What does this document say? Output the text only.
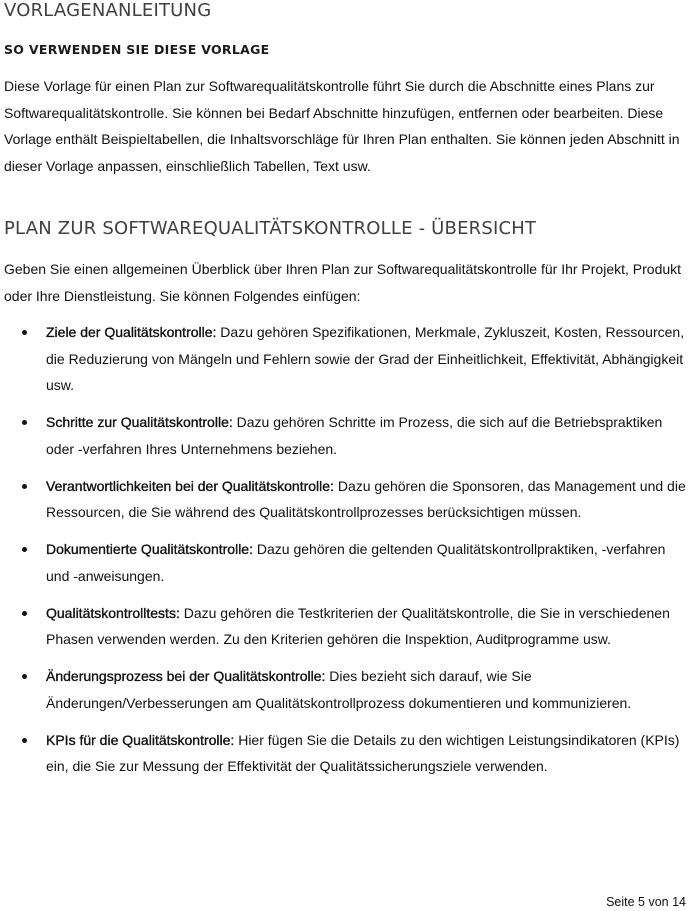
VORLAGENANLEITUNG
SO VERWENDEN SIE DIESE VORLAGE

Diese Vorlage für einen Plan zur Softwarequalitätskontrolle führt Sie durch die Abschnitte eines Plans zur Softwarequalitätskontrolle. Sie können bei Bedarf Abschnitte hinzufügen, entfernen oder bearbeiten. Diese Vorlage enthält Beispieltabellen, die Inhaltsvorschläge für Ihren Plan enthalten. Sie können jeden Abschnitt in dieser Vorlage anpassen, einschließlich Tabellen, Text usw.

PLAN ZUR SOFTWAREQUALITÄTSKONTROLLE - ÜBERSICHT

Geben Sie einen allgemeinen Überblick über Ihren Plan zur Softwarequalitätskontrolle für Ihr Projekt, Produkt oder Ihre Dienstleistung. Sie können Folgendes einfügen:

Ziele der Qualitätskontrolle: Dazu gehören Spezifikationen, Merkmale, Zykluszeit, Kosten, Ressourcen, die Reduzierung von Mängeln und Fehlern sowie der Grad der Einheitlichkeit, Effektivität, Abhängigkeit usw.
Schritte zur Qualitätskontrolle: Dazu gehören Schritte im Prozess, die sich auf die Betriebspraktiken oder -verfahren Ihres Unternehmens beziehen.
Verantwortlichkeiten bei der Qualitätskontrolle: Dazu gehören die Sponsoren, das Management und die Ressourcen, die Sie während des Qualitätskontrollprozesses berücksichtigen müssen.
Dokumentierte Qualitätskontrolle: Dazu gehören die geltenden Qualitätskontrollpraktiken, -verfahren und -anweisungen.
Qualitätskontrolltests: Dazu gehören die Testkriterien der Qualitätskontrolle, die Sie in verschiedenen Phasen verwenden werden. Zu den Kriterien gehören die Inspektion, Auditprogramme usw.
Änderungsprozess bei der Qualitätskontrolle: Dies bezieht sich darauf, wie Sie Änderungen/Verbesserungen am Qualitätskontrollprozess dokumentieren und kommunizieren.
KPIs für die Qualitätskontrolle: Hier fügen Sie die Details zu den wichtigen Leistungsindikatoren (KPIs) ein, die Sie zur Messung der Effektivität der Qualitätssicherungsziele verwenden.
Seite 5 von 14
